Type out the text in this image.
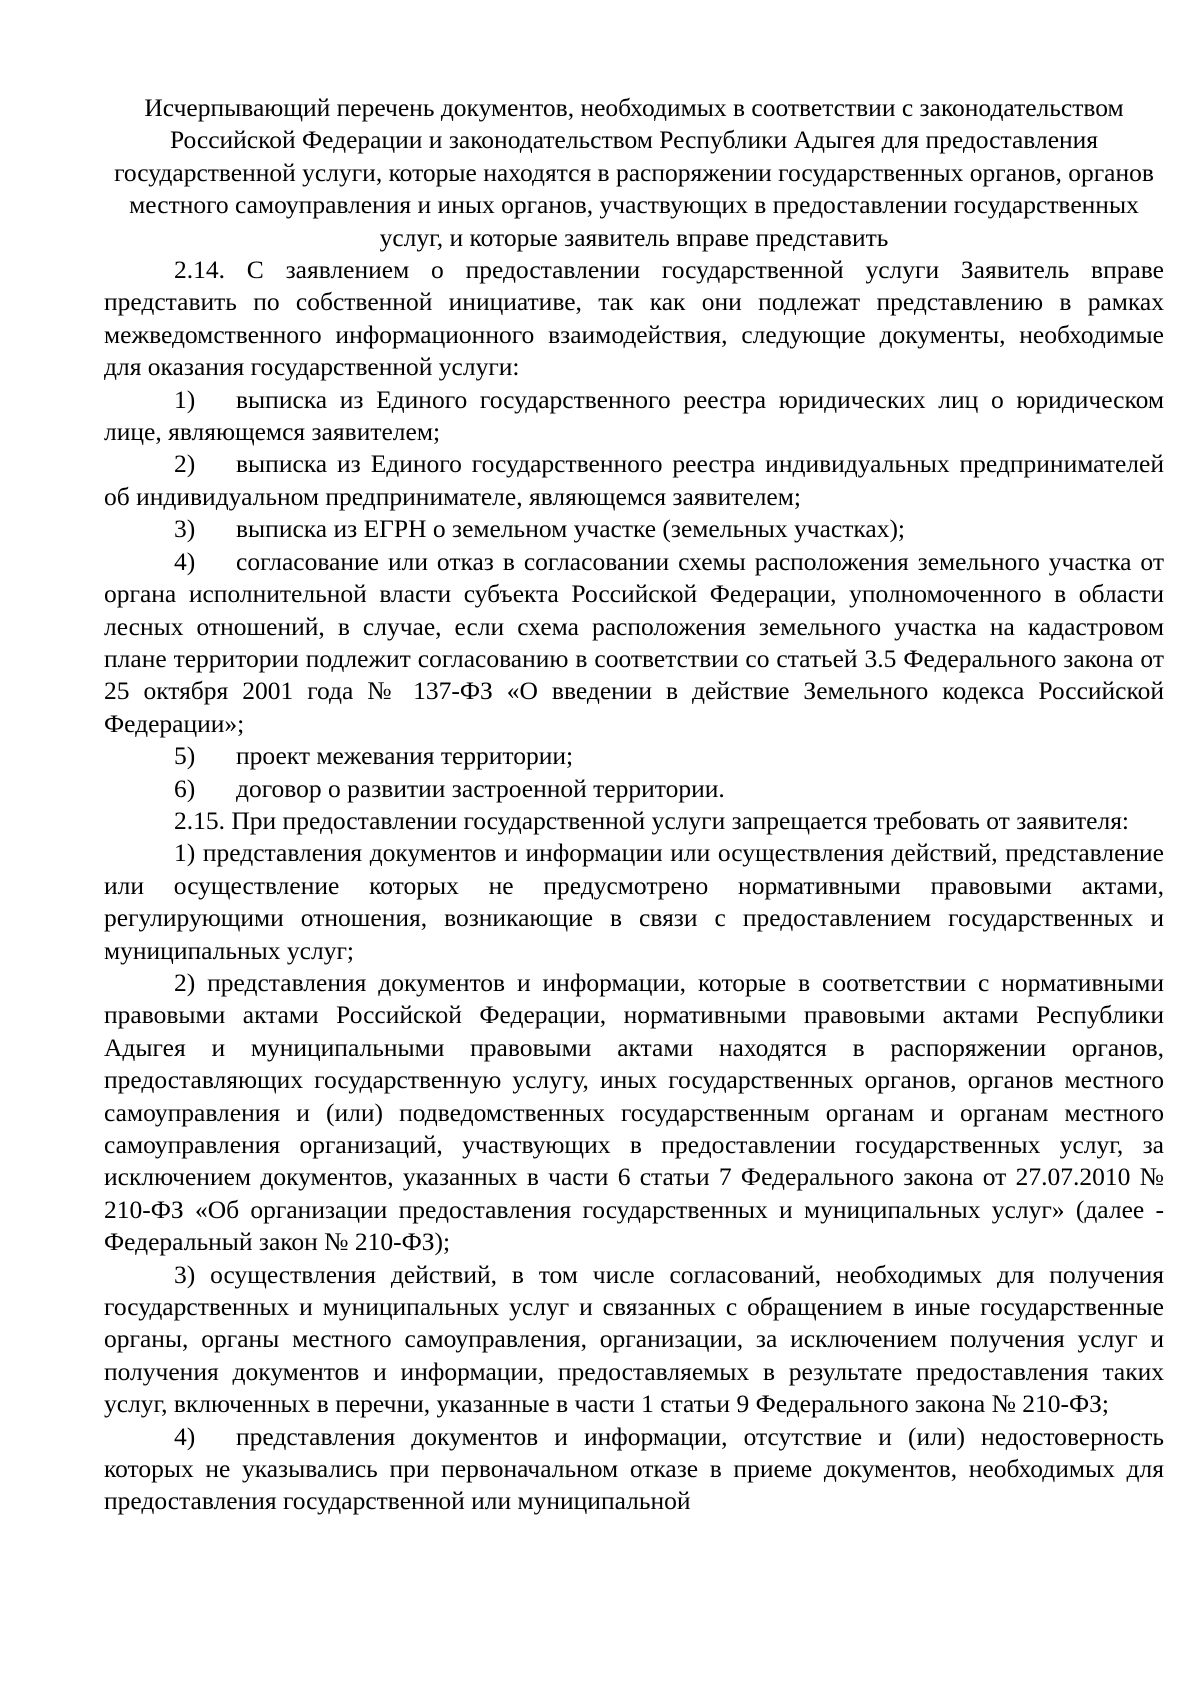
Исчерпывающий перечень документов, необходимых в соответствии с законодательством Российской Федерации и законодательством Республики Адыгея для предоставления государственной услуги, которые находятся в распоряжении государственных органов, органов местного самоуправления и иных органов, участвующих в предоставлении государственных услуг, и которые заявитель вправе представить

2.14. С заявлением о предоставлении государственной услуги Заявитель вправе представить по собственной инициативе, так как они подлежат представлению в рамках межведомственного информационного взаимодействия, следующие документы, необходимые для оказания государственной услуги:

1) выписка из Единого государственного реестра юридических лиц о юридическом лице, являющемся заявителем;

2) выписка из Единого государственного реестра индивидуальных предпринимателей об индивидуальном предпринимателе, являющемся заявителем;

3) выписка из ЕГРН о земельном участке (земельных участках);

4) согласование или отказ в согласовании схемы расположения земельного участка от органа исполнительной власти субъекта Российской Федерации, уполномоченного в области лесных отношений, в случае, если схема расположения земельного участка на кадастровом плане территории подлежит согласованию в соответствии со статьей 3.5 Федерального закона от 25 октября 2001 года № 137-ФЗ «О введении в действие Земельного кодекса Российской Федерации»;

5) проект межевания территории;

6) договор о развитии застроенной территории.

2.15. При предоставлении государственной услуги запрещается требовать от заявителя:

1) представления документов и информации или осуществления действий, представление или осуществление которых не предусмотрено нормативными правовыми актами, регулирующими отношения, возникающие в связи с предоставлением государственных и муниципальных услуг;

2) представления документов и информации, которые в соответствии с нормативными правовыми актами Российской Федерации, нормативными правовыми актами Республики Адыгея и муниципальными правовыми актами находятся в распоряжении органов, предоставляющих государственную услугу, иных государственных органов, органов местного самоуправления и (или) подведомственных государственным органам и органам местного самоуправления организаций, участвующих в предоставлении государственных услуг, за исключением документов, указанных в части 6 статьи 7 Федерального закона от 27.07.2010 № 210-ФЗ «Об организации предоставления государственных и муниципальных услуг» (далее - Федеральный закон № 210-ФЗ);

3) осуществления действий, в том числе согласований, необходимых для получения государственных и муниципальных услуг и связанных с обращением в иные государственные органы, органы местного самоуправления, организации, за исключением получения услуг и получения документов и информации, предоставляемых в результате предоставления таких услуг, включенных в перечни, указанные в части 1 статьи 9 Федерального закона № 210-ФЗ;

4) представления документов и информации, отсутствие и (или) недостоверность которых не указывались при первоначальном отказе в приеме документов, необходимых для предоставления государственной или муниципальной
